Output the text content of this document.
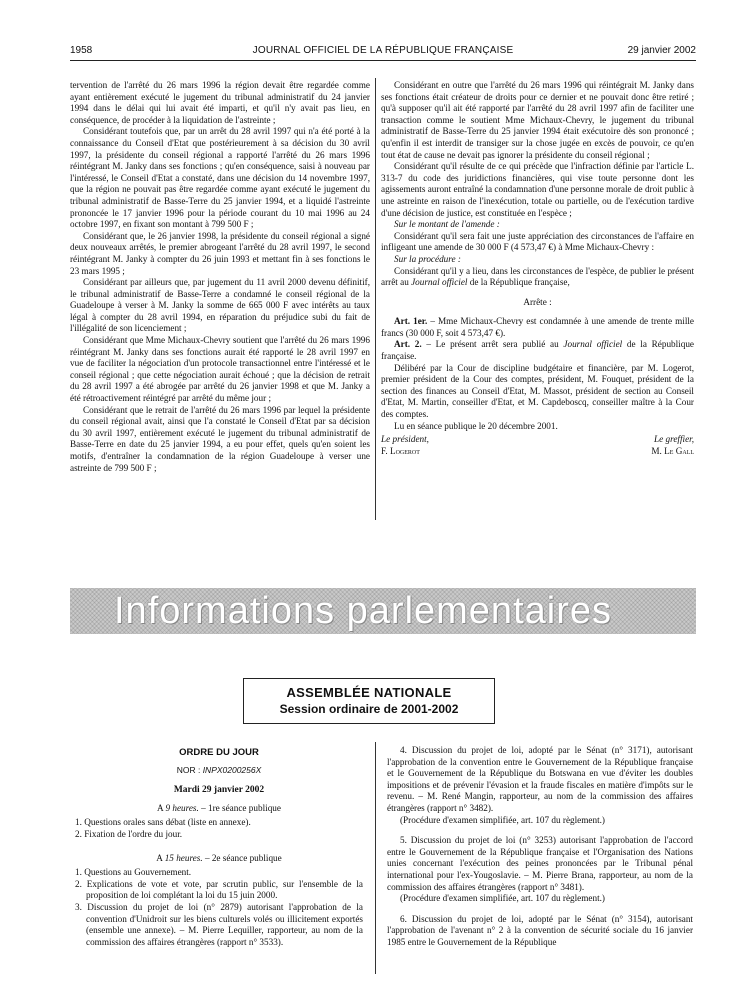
1958	JOURNAL OFFICIEL DE LA RÉPUBLIQUE FRANÇAISE	29 janvier 2002

tervention de l'arrêté du 26 mars 1996 la région devait être regardée comme ayant entièrement exécuté le jugement du tribunal administratif du 24 janvier 1994 dans le délai qui lui avait été imparti, et qu'il n'y avait pas lieu, en conséquence, de procéder à la liquidation de l'astreinte ;

Considérant toutefois que, par un arrêt du 28 avril 1997 qui n'a été porté à la connaissance du Conseil d'Etat que postérieurement à sa décision du 30 avril 1997, la présidente du conseil régional a rapporté l'arrêté du 26 mars 1996 réintégrant M. Janky dans ses fonctions ; qu'en conséquence, saisi à nouveau par l'intéressé, le Conseil d'Etat a constaté, dans une décision du 14 novembre 1997, que la région ne pouvait pas être regardée comme ayant exécuté le jugement du tribunal administratif de Basse-Terre du 25 janvier 1994, et a liquidé l'astreinte prononcée le 17 janvier 1996 pour la période courant du 10 mai 1996 au 24 octobre 1997, en fixant son montant à 799 500 F ;

Considérant que, le 26 janvier 1998, la présidente du conseil régional a signé deux nouveaux arrêtés, le premier abrogeant l'arrêté du 28 avril 1997, le second réintégrant M. Janky à compter du 26 juin 1993 et mettant fin à ses fonctions le 23 mars 1995 ;

Considérant par ailleurs que, par jugement du 11 avril 2000 devenu définitif, le tribunal administratif de Basse-Terre a condamné le conseil régional de la Guadeloupe à verser à M. Janky la somme de 665 000 F avec intérêts au taux légal à compter du 28 avril 1994, en réparation du préjudice subi du fait de l'illégalité de son licenciement ;

Considérant que Mme Michaux-Chevry soutient que l'arrêté du 26 mars 1996 réintégrant M. Janky dans ses fonctions aurait été rapporté le 28 avril 1997 en vue de faciliter la négociation d'un protocole transactionnel entre l'intéressé et le conseil régional ; que cette négociation aurait échoué ; que la décision de retrait du 28 avril 1997 a été abrogée par arrêté du 26 janvier 1998 et que M. Janky a été rétroactivement réintégré par arrêté du même jour ;

Considérant que le retrait de l'arrêté du 26 mars 1996 par lequel la présidente du conseil régional avait, ainsi que l'a constaté le Conseil d'Etat par sa décision du 30 avril 1997, entièrement exécuté le jugement du tribunal administratif de Basse-Terre en date du 25 janvier 1994, a eu pour effet, quels qu'en soient les motifs, d'entraîner la condamnation de la région Guadeloupe à verser une astreinte de 799 500 F ;

Considérant en outre que l'arrêté du 26 mars 1996 qui réintégrait M. Janky dans ses fonctions était créateur de droits pour ce dernier et ne pouvait donc être retiré ; qu'à supposer qu'il ait été rapporté par l'arrêté du 28 avril 1997 afin de faciliter une transaction comme le soutient Mme Michaux-Chevry, le jugement du tribunal administratif de Basse-Terre du 25 janvier 1994 était exécutoire dès son prononcé ; qu'enfin il est interdit de transiger sur la chose jugée en excès de pouvoir, ce qu'en tout état de cause ne devait pas ignorer la présidente du conseil régional ;

Considérant qu'il résulte de ce qui précède que l'infraction définie par l'article L. 313-7 du code des juridictions financières, qui vise toute personne dont les agissements auront entraîné la condamnation d'une personne morale de droit public à une astreinte en raison de l'inexécution, totale ou partielle, ou de l'exécution tardive d'une décision de justice, est constituée en l'espèce ;

Sur le montant de l'amende :

Considérant qu'il sera fait une juste appréciation des circonstances de l'affaire en infligeant une amende de 30 000 F (4 573,47 €) à Mme Michaux-Chevry :

Sur la procédure :

Considérant qu'il y a lieu, dans les circonstances de l'espèce, de publier le présent arrêt au Journal officiel de la République française,

Arrête :

Art. 1er. – Mme Michaux-Chevry est condamnée à une amende de trente mille francs (30 000 F, soit 4 573,47 €).

Art. 2. – Le présent arrêt sera publié au Journal officiel de la République française.

Délibéré par la Cour de discipline budgétaire et financière, par M. Logerot, premier président de la Cour des comptes, président, M. Fouquet, président de la section des finances au Conseil d'Etat, M. Massot, président de section au Conseil d'Etat, M. Martin, conseiller d'Etat, et M. Capdeboscq, conseiller maître à la Cour des comptes.

Lu en séance publique le 20 décembre 2001.

Le président,
F. Logerot
Le greffier,
M. Le Gall
Informations parlementaires
ASSEMBLÉE NATIONALE
Session ordinaire de 2001-2002
ORDRE DU JOUR
NOR : INPX0200256X
Mardi 29 janvier 2002
A 9 heures. – 1re séance publique

1. Questions orales sans débat (liste en annexe).

2. Fixation de l'ordre du jour.

A 15 heures. – 2e séance publique

1. Questions au Gouvernement.

2. Explications de vote et vote, par scrutin public, sur l'ensemble de la proposition de loi complétant la loi du 15 juin 2000.

3. Discussion du projet de loi (n° 2879) autorisant l'approbation de la convention d'Unidroit sur les biens culturels volés ou illicitement exportés (ensemble une annexe). – M. Pierre Lequiller, rapporteur, au nom de la commission des affaires étrangères (rapport n° 3533).

4. Discussion du projet de loi, adopté par le Sénat (n° 3171), autorisant l'approbation de la convention entre le Gouvernement de la République française et le Gouvernement de la République du Botswana en vue d'éviter les doubles impositions et de prévenir l'évasion et la fraude fiscales en matière d'impôts sur le revenu. – M. René Mangin, rapporteur, au nom de la commission des affaires étrangères (rapport n° 3482).

(Procédure d'examen simplifiée, art. 107 du règlement.)

5. Discussion du projet de loi (n° 3253) autorisant l'approbation de l'accord entre le Gouvernement de la République française et l'Organisation des Nations unies concernant l'exécution des peines prononcées par le Tribunal pénal international pour l'ex-Yougoslavie. – M. Pierre Brana, rapporteur, au nom de la commission des affaires étrangères (rapport n° 3481).

(Procédure d'examen simplifiée, art. 107 du règlement.)

6. Discussion du projet de loi, adopté par le Sénat (n° 3154), autorisant l'approbation de l'avenant n° 2 à la convention de sécurité sociale du 16 janvier 1985 entre le Gouvernement de la République
